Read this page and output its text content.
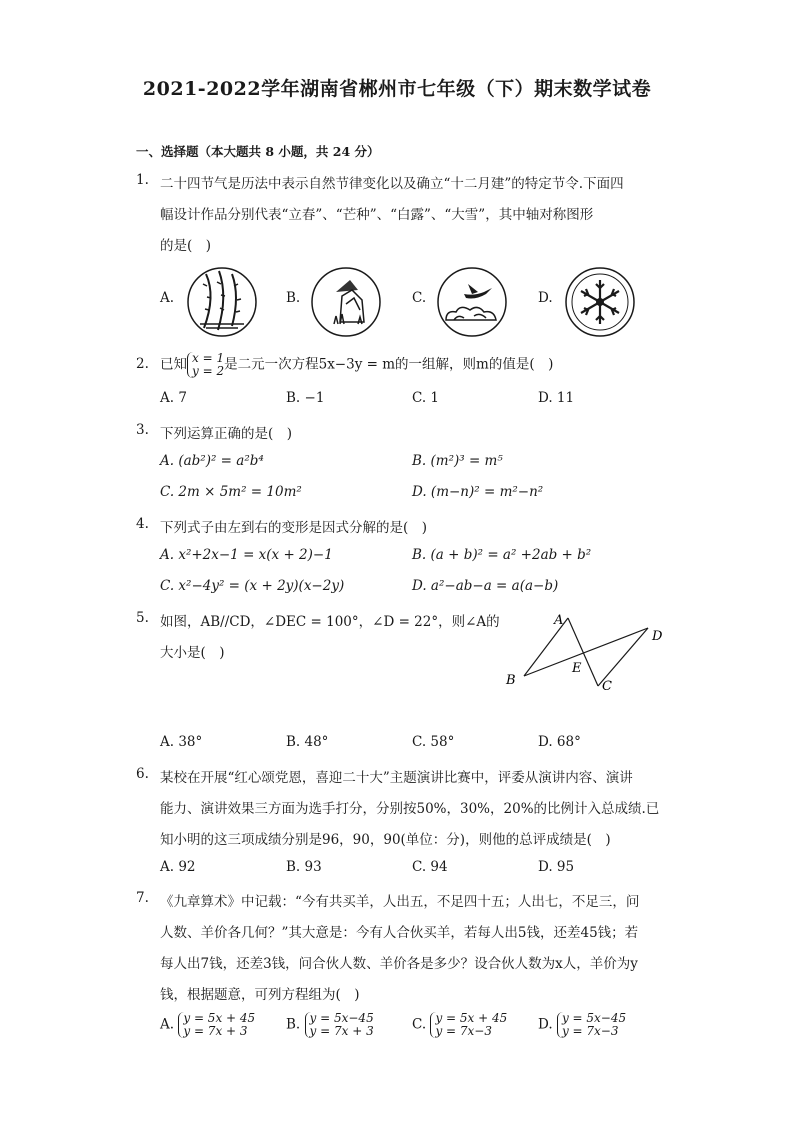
2021-2022学年湖南省郴州市七年级（下）期末数学试卷
一、选择题（本大题共 8 小题，共 24 分）
1. 二十四节气是历法中表示自然节律变化以及确立“十二月建”的特定节令.下面四
幅设计作品分别代表“立春”、“芒种”、“白露”、“大雪”，其中轴对称图形
的是(　)
A.	B.	C.	D.
2. 已知 x = 1
y = 2是二元一次方程5x−3y = m的一组解，则m的值是(　)
A. 7	B. −1	C. 1	D. 11
3. 下列运算正确的是(　)
A. (ab²)² = a²b⁴	B. (m²)³ = m⁵
C. 2m × 5m² = 10m²	D. (m−n)² = m²−n²
4. 下列式子由左到右的变形是因式分解的是(　)
A. x²+2x−1 = x(x + 2)−1	B. (a + b)² = a² +2ab + b²
C. x²−4y² = (x + 2y)(x−2y)	D. a²−ab−a = a(a−b)
5. 如图，AB//CD，∠DEC = 100°，∠D = 22°，则∠A的
大小是(　)
A
B	C
D
E
A. 38°	B. 48°	C. 58°	D. 68°
6. 某校在开展“红心颂党恩，喜迎二十大”主题演讲比赛中，评委从演讲内容、演讲
能力、演讲效果三方面为选手打分，分别按50%，30%，20%的比例计入总成绩.已
知小明的这三项成绩分别是96，90，90(单位：分)，则他的总评成绩是(　)
A. 92	B. 93	C. 94	D. 95
7. 《九章算术》中记载：“今有共买羊，人出五，不足四十五；人出七，不足三，问
人数、羊价各几何？”其大意是：今有人合伙买羊，若每人出5钱，还差45钱；若
每人出7钱，还差3钱，问合伙人数、羊价各是多少？设合伙人数为x人，羊价为y
钱，根据题意，可列方程组为(　)
A. y = 5x + 45
y = 7x + 3	B. y = 5x−45
y = 7x + 3	C. y = 5x + 45
y = 7x−3	D. y = 5x−45
y = 7x−3
